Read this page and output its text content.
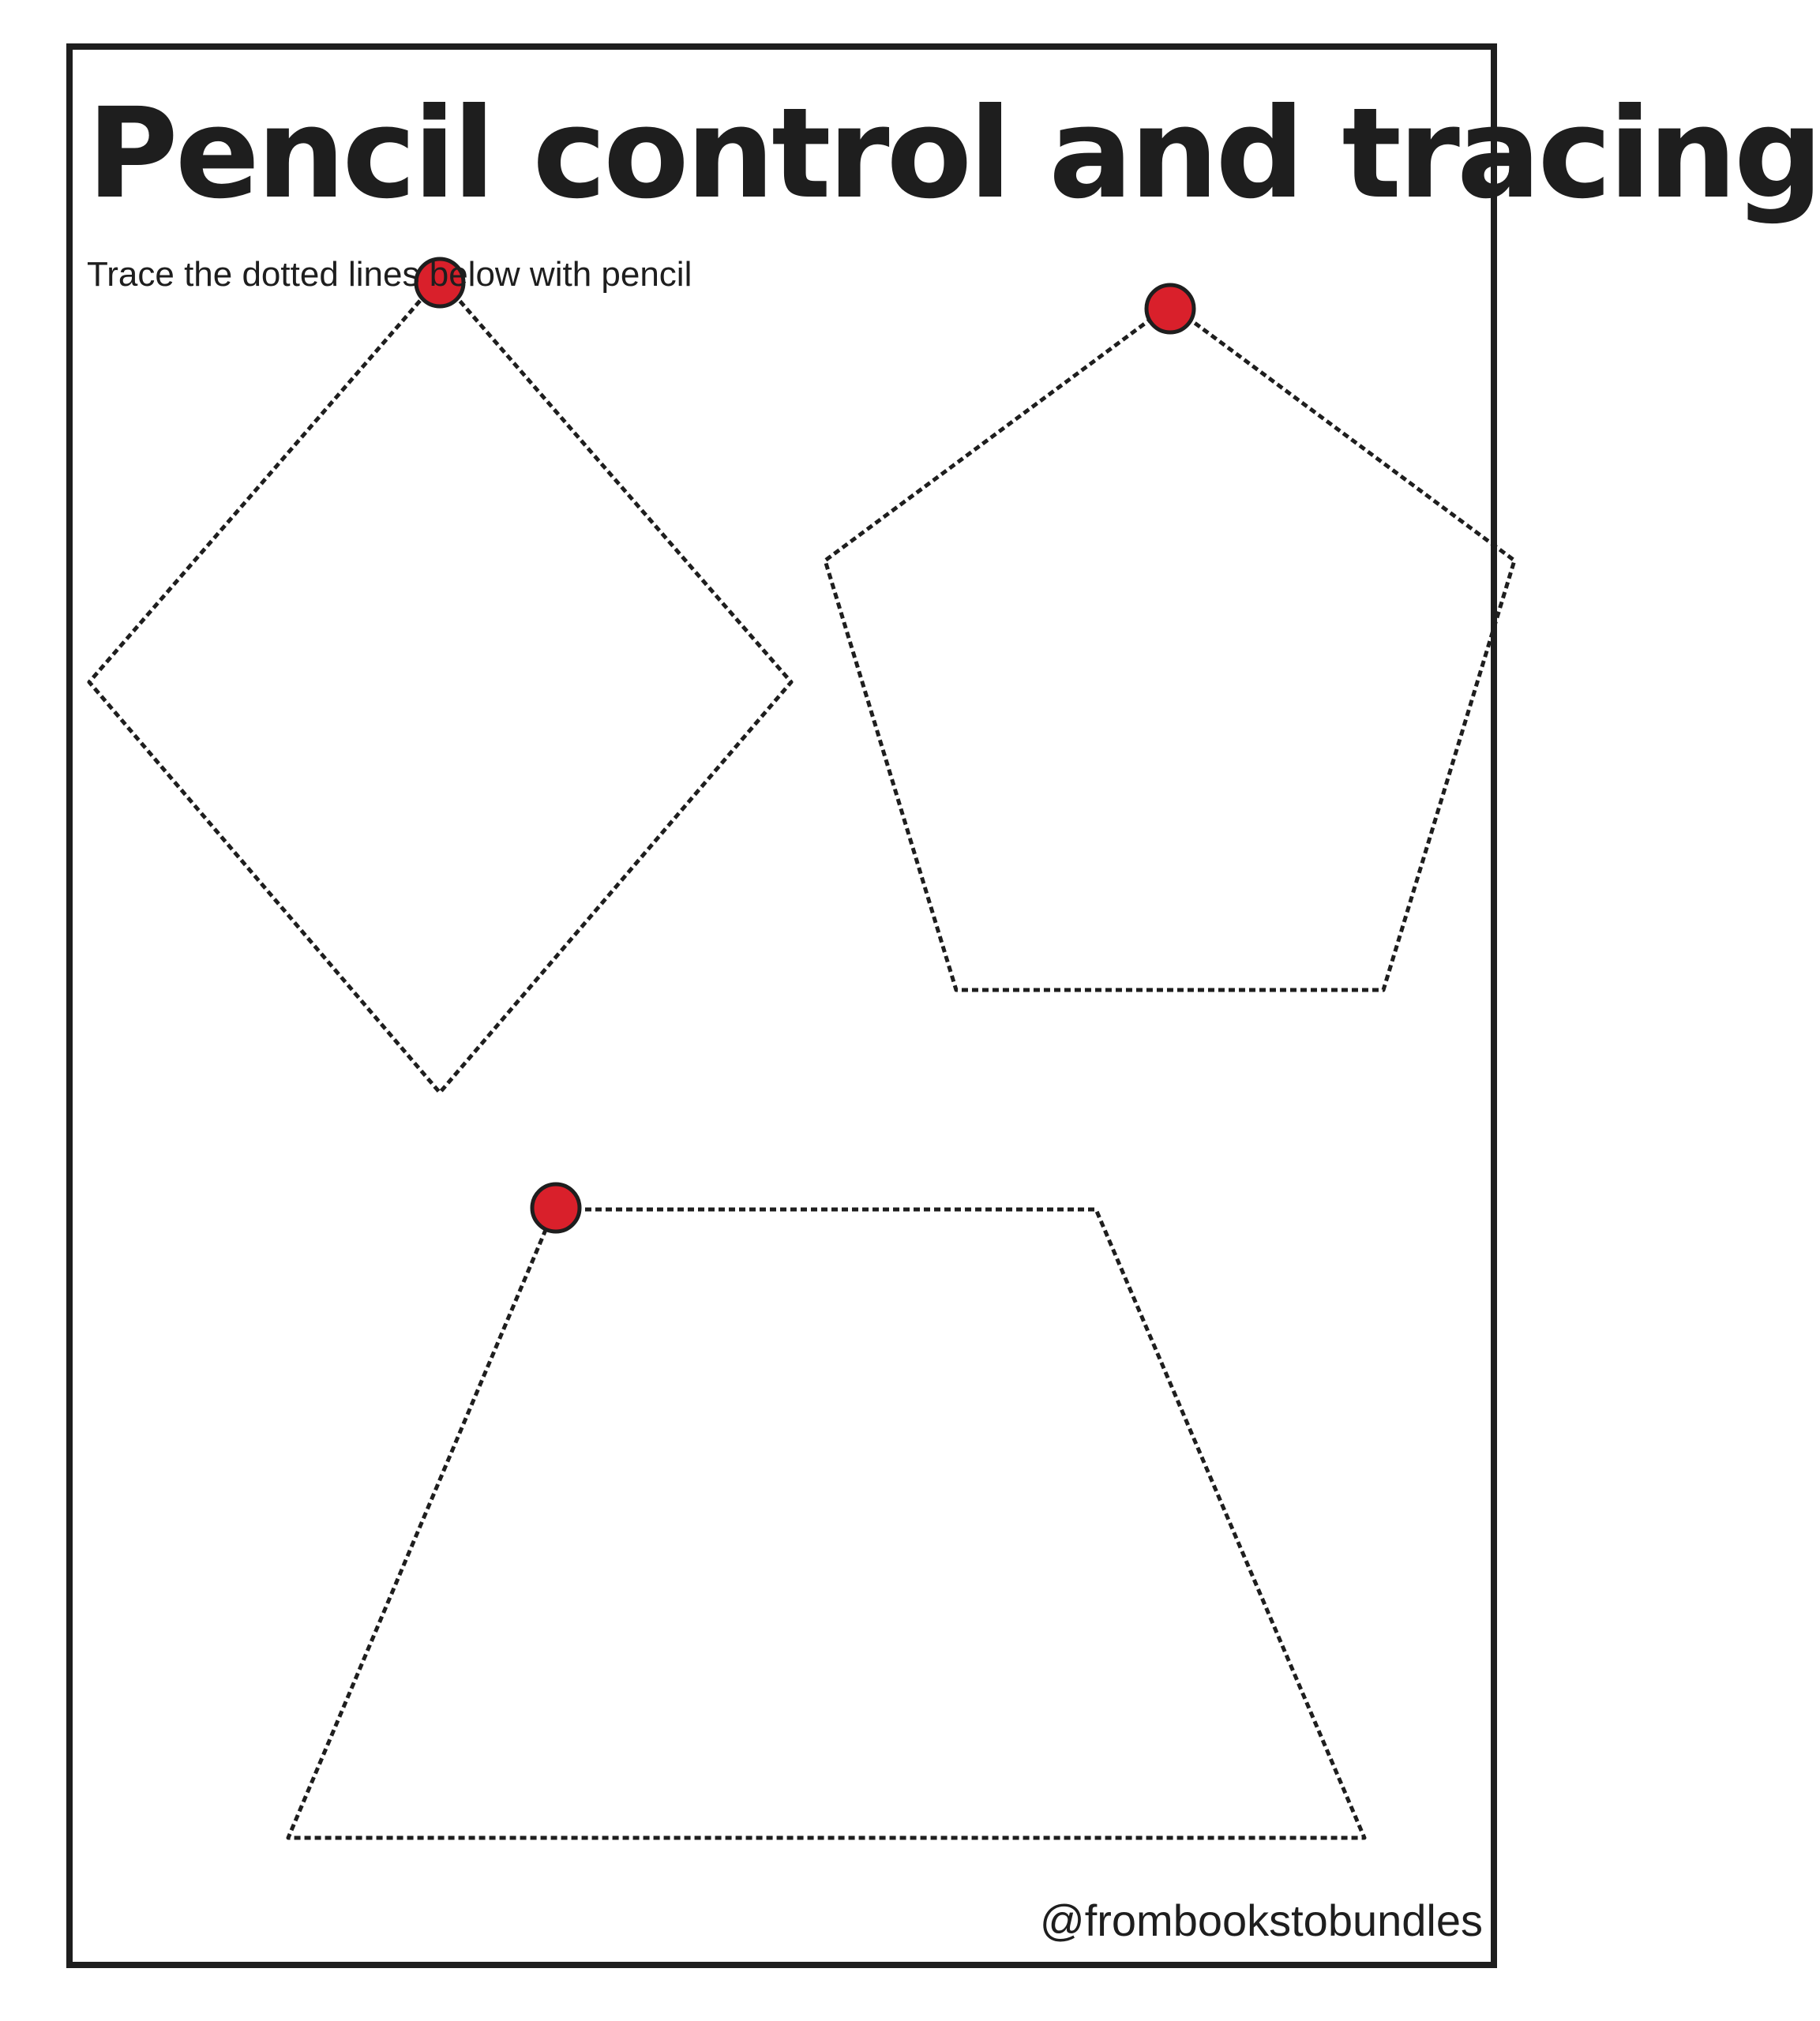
Pencil control and tracing

Trace the dotted lines below with pencil

@frombookstobundles
